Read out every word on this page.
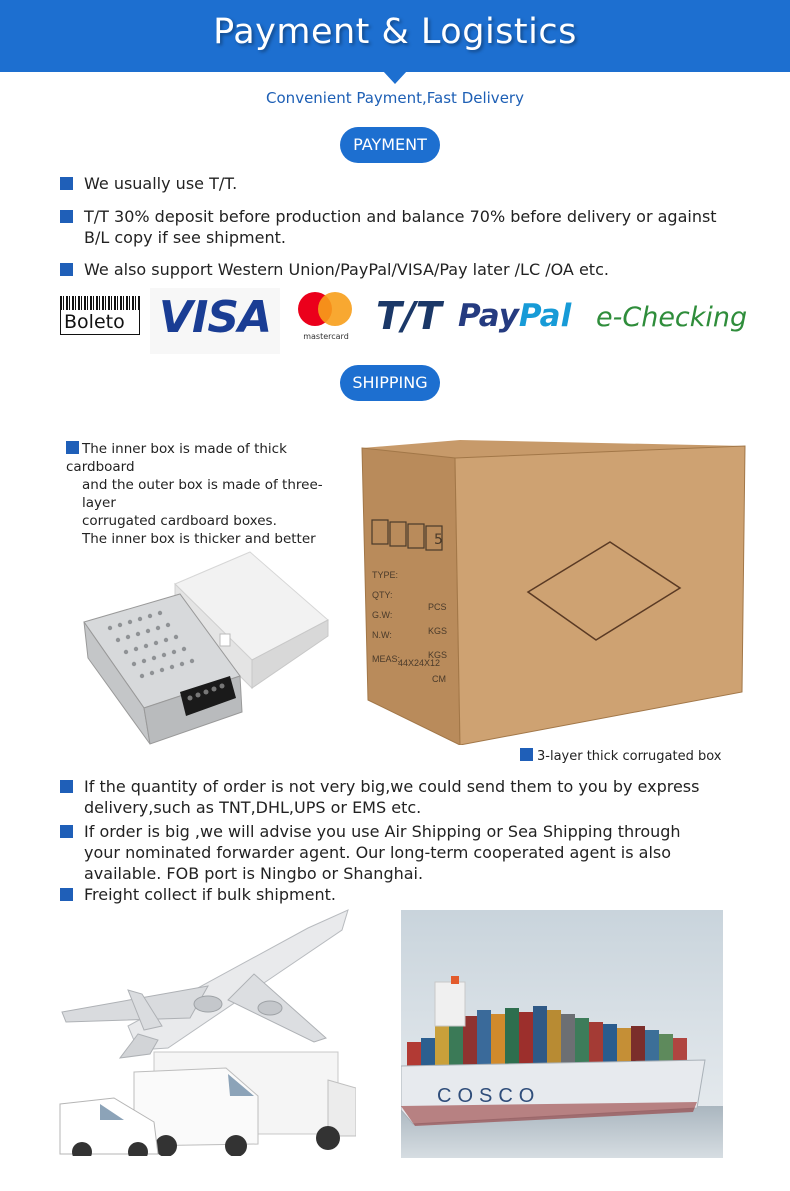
Payment & Logistics
Convenient Payment,Fast Delivery
PAYMENT
We usually use T/T.
T/T 30% deposit before production and balance 70% before delivery or against B/L copy if see shipment.
We also support Western Union/PayPal/VISA/Pay later /LC /OA etc.
Boleto VISA	mastercard T/T PayPal e-Checking
SHIPPING
The inner box is made of thick cardboard
and the outer box is made of three-layer
corrugated cardboard boxes.
The inner box is thicker and better	5
TYPE:
QTY:
G.W:
N.W:
MEAS:
44X24X12
PCS
KGS
KGS
CM
3-layer thick corrugated box
If the quantity of order is not very big,we could send them to you by express delivery,such as TNT,DHL,UPS or EMS etc.
If order is big ,we will advise you use Air Shipping or Sea Shipping through your nominated forwarder agent. Our long-term cooperated agent is also available. FOB port is Ningbo or Shanghai.
Freight collect if bulk shipment.
COSCO
